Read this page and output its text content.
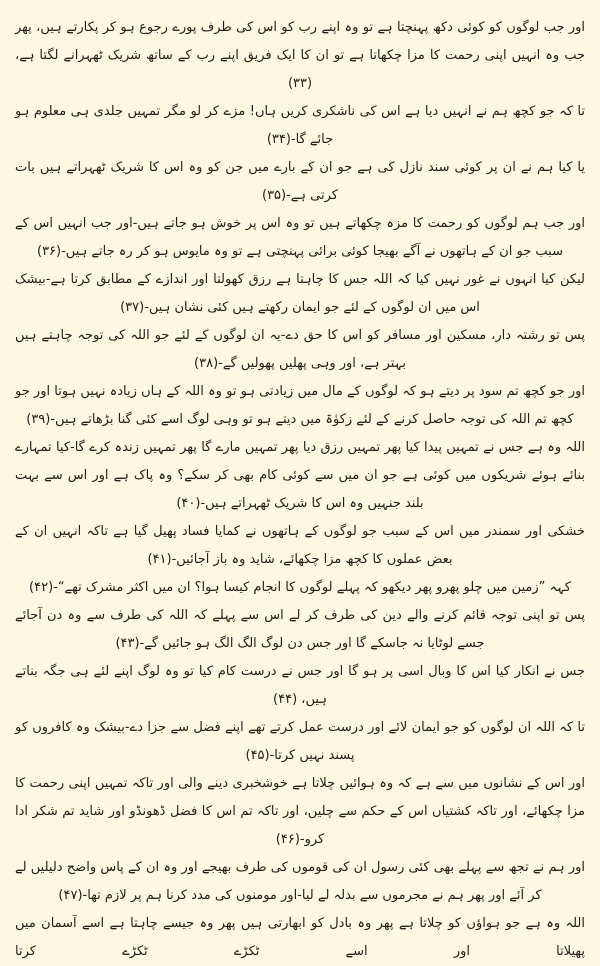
اور جب لوگوں کو کوئی دکھ پہنچتا ہے تو وہ اپنے رب کو اس کی طرف پورے رجوع ہو کر پکارتے ہیں، پھر جب وہ انہیں اپنی رحمت کا مزا چکھاتا ہے تو ان کا ایک فریق اپنے رب کے ساتھ شریک ٹھہرانے لگتا ہے، (۳۳)

تا کہ جو کچھ ہم نے انہیں دیا ہے اس کی ناشکری کریں ہاں! مزے کر لو مگر تمہیں جلدی ہی معلوم ہو جائے گا-(۳۴)

یا کیا ہم نے ان پر کوئی سند نازل کی ہے جو ان کے بارے میں جن کو وہ اس کا شریک ٹھہراتے ہیں بات کرتی ہے-(۳۵)

اور جب ہم لوگوں کو رحمت کا مزہ چکھاتے ہیں تو وہ اس پر خوش ہو جاتے ہیں-اور جب انہیں اس کے سبب جو ان کے ہاتھوں نے آگے بھیجا کوئی برائی پہنچتی ہے تو وہ مایوس ہو کر رہ جاتے ہیں-(۳۶)

لیکن کیا انہوں نے غور نہیں کیا کہ اللہ جس کا چاہتا ہے رزق کھولتا اور اندازے کے مطابق کرتا ہے-بیشک اس میں ان لوگوں کے لئے جو ایمان رکھتے ہیں کئی نشان ہیں-(۳۷)

پس تو رشتہ دار، مسکین اور مسافر کو اس کا حق دے-یہ ان لوگوں کے لئے جو اللہ کی توجہ چاہتے ہیں بہتر ہے، اور وہی پھلیں پھولیں گے-(۳۸)

اور جو کچھ تم سود پر دیتے ہو کہ لوگوں کے مال میں زیادتی ہو تو وہ اللہ کے ہاں زیادہ نہیں ہوتا اور جو کچھ تم اللہ کی توجہ حاصل کرنے کے لئے زکوٰۃ میں دیتے ہو تو وہی لوگ اسے کئی گنا بڑھاتے ہیں-(۳۹)

اللہ وہ ہے جس نے تمہیں پیدا کیا پھر تمہیں رزق دیا پھر تمہیں مارے گا پھر تمہیں زندہ کرے گا-کیا تمہارے بنائے ہوئے شریکوں میں کوئی ہے جو ان میں سے کوئی کام بھی کر سکے؟ وہ پاک ہے اور اس سے بہت بلند جنہیں وہ اس کا شریک ٹھہراتے ہیں-(۴۰)

خشکی اور سمندر میں اس کے سبب جو لوگوں کے ہاتھوں نے کمایا فساد پھیل گیا ہے تاکہ انہیں ان کے بعض عملوں کا کچھ مزا چکھائے، شاید وہ باز آجائیں-(۴۱)

کہہ ”زمین میں چلو پھرو پھر دیکھو کہ پہلے لوگوں کا انجام کیسا ہوا؟ ان میں اکثر مشرک تھے“-(۴۲)

پس تو اپنی توجہ قائم کرنے والے دین کی طرف کر لے اس سے پہلے کہ اللہ کی طرف سے وہ دن آجائے جسے لوٹایا نہ جاسکے گا اور جس دن لوگ الگ الگ ہو جائیں گے-(۴۳)

جس نے انکار کیا اس کا وبال اسی پر ہو گا اور جس نے درست کام کیا تو وہ لوگ اپنے لئے ہی جگہ بناتے ہیں، (۴۴)

تا کہ اللہ ان لوگوں کو جو ایمان لائے اور درست عمل کرتے تھے اپنے فضل سے جزا دے-بیشک وہ کافروں کو پسند نہیں کرتا-(۴۵)

اور اس کے نشانوں میں سے ہے کہ وہ ہوائیں چلاتا ہے خوشخبری دینے والی اور تاکہ تمہیں اپنی رحمت کا مزا چکھائے، اور تاکہ کشتیاں اس کے حکم سے چلیں، اور تاکہ تم اس کا فضل ڈھونڈو اور شاید تم شکر ادا کرو-(۴۶)

اور ہم نے تجھ سے پہلے بھی کئی رسول ان کی قوموں کی طرف بھیجے اور وہ ان کے پاس واضح دلیلیں لے کر آئے اور پھر ہم نے مجرموں سے بدلہ لے لیا-اور مومنوں کی مدد کرنا ہم پر لازم تھا-(۴۷)

اللہ وہ ہے جو ہواؤں کو چلاتا ہے پھر وہ بادل کو ابھارتی ہیں پھر وہ جیسے چاہتا ہے اسے آسمان میں پھیلاتا اور اسے ٹکڑے ٹکڑے کرتا
